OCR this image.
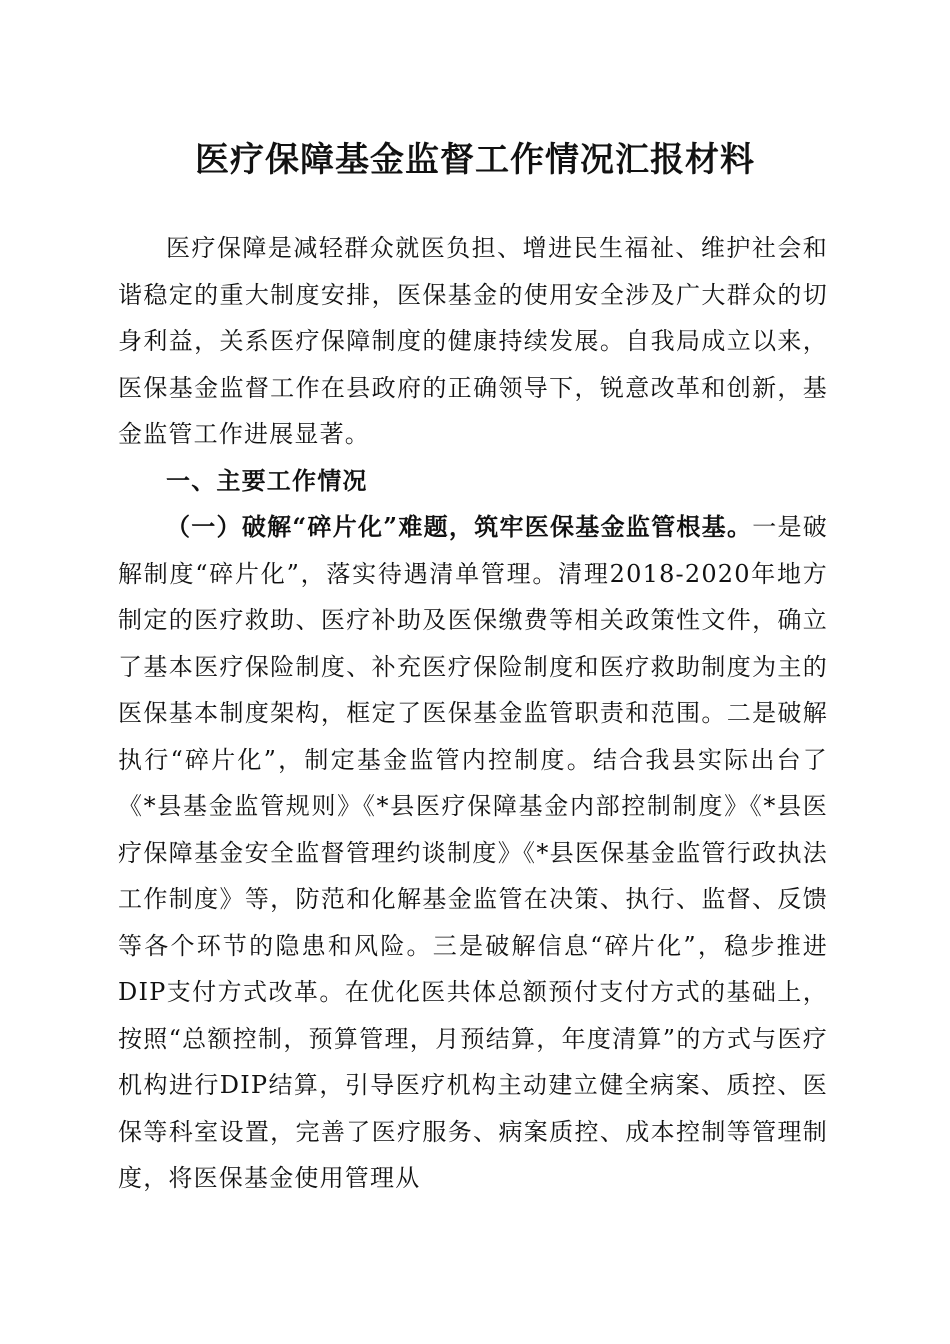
医疗保障基金监督工作情况汇报材料

医疗保障是减轻群众就医负担、增进民生福祉、维护社会和谐稳定的重大制度安排，医保基金的使用安全涉及广大群众的切身利益，关系医疗保障制度的健康持续发展。自我局成立以来，医保基金监督工作在县政府的正确领导下，锐意改革和创新，基金监管工作进展显著。

一、主要工作情况

（一）破解“碎片化”难题，筑牢医保基金监管根基。一是破解制度“碎片化”，落实待遇清单管理。清理2018-2020年地方制定的医疗救助、医疗补助及医保缴费等相关政策性文件，确立了基本医疗保险制度、补充医疗保险制度和医疗救助制度为主的医保基本制度架构，框定了医保基金监管职责和范围。二是破解执行“碎片化”，制定基金监管内控制度。结合我县实际出台了《*县基金监管规则》《*县医疗保障基金内部控制制度》《*县医疗保障基金安全监督管理约谈制度》《*县医保基金监管行政执法工作制度》等，防范和化解基金监管在决策、执行、监督、反馈等各个环节的隐患和风险。三是破解信息“碎片化”，稳步推进DIP支付方式改革。在优化医共体总额预付支付方式的基础上，按照“总额控制，预算管理，月预结算，年度清算”的方式与医疗机构进行DIP结算，引导医疗机构主动建立健全病案、质控、医保等科室设置，完善了医疗服务、病案质控、成本控制等管理制度，将医保基金使用管理从
